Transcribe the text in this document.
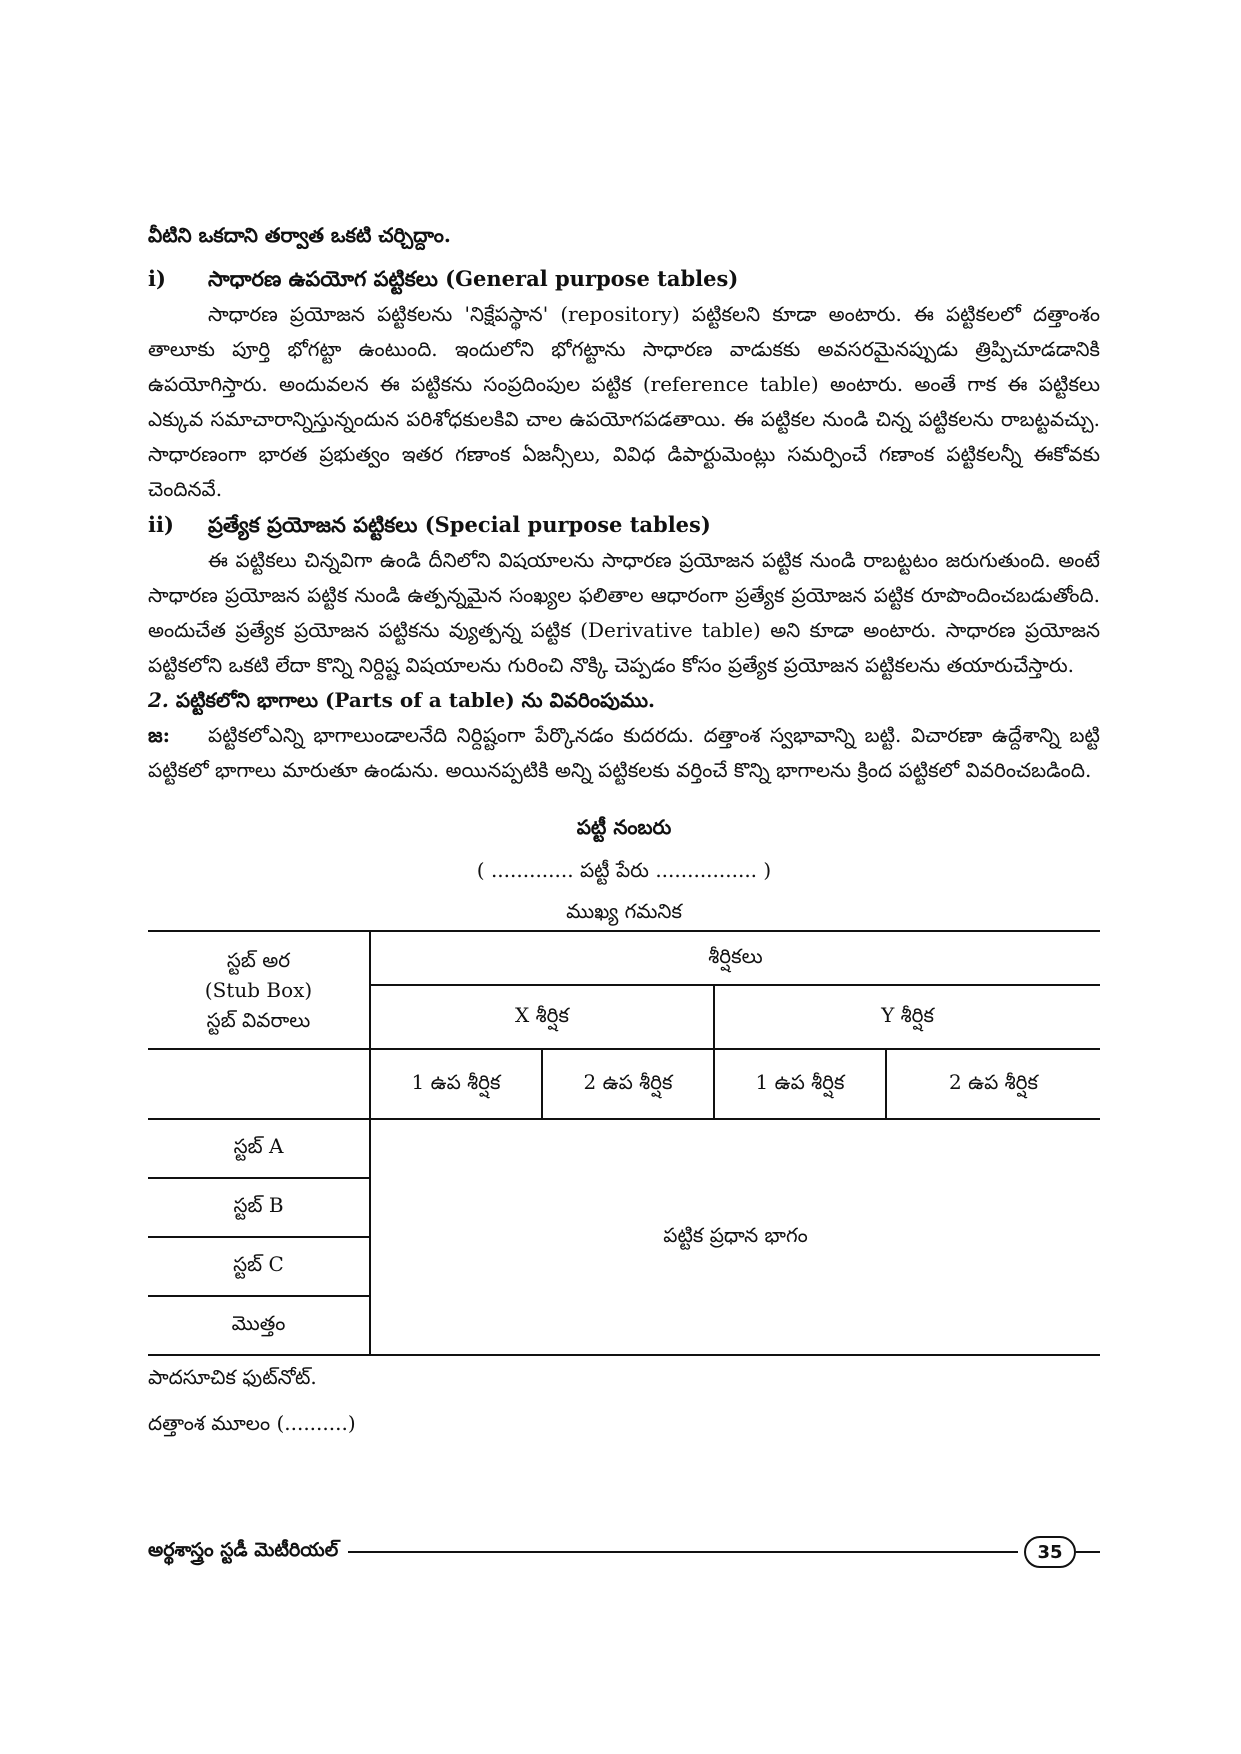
వీటిని ఒకదాని తర్వాత ఒకటి చర్చిద్దాం.

i)	సాధారణ ఉపయోగ పట్టికలు (General purpose tables)

సాధారణ ప్రయోజన పట్టికలను 'నిక్షేపస్థాన' (repository) పట్టికలని కూడా అంటారు. ఈ పట్టికలలో దత్తాంశం తాలూకు పూర్తి భోగట్టా ఉంటుంది. ఇందులోని భోగట్టాను సాధారణ వాడుకకు అవసరమైనప్పుడు త్రిప్పిచూడడానికి ఉపయోగిస్తారు. అందువలన ఈ పట్టికను సంప్రదింపుల పట్టిక (reference table) అంటారు. అంతే గాక ఈ పట్టికలు ఎక్కువ సమాచారాన్నిస్తున్నందున పరిశోధకులకివి చాల ఉపయోగపడతాయి. ఈ పట్టికల నుండి చిన్న పట్టికలను రాబట్టవచ్చు. సాధారణంగా భారత ప్రభుత్వం ఇతర గణాంక ఏజన్సీలు, వివిధ డిపార్టుమెంట్లు సమర్పించే గణాంక పట్టికలన్నీ ఈకోవకు చెందినవే.

ii)	ప్రత్యేక ప్రయోజన పట్టికలు (Special purpose tables)

ఈ పట్టికలు చిన్నవిగా ఉండి దీనిలోని విషయాలను సాధారణ ప్రయోజన పట్టిక నుండి రాబట్టటం జరుగుతుంది. అంటే సాధారణ ప్రయోజన పట్టిక నుండి ఉత్పన్నమైన సంఖ్యల ఫలితాల ఆధారంగా ప్రత్యేక ప్రయోజన పట్టిక రూపొందించబడుతోంది. అందుచేత ప్రత్యేక ప్రయోజన పట్టికను వ్యుత్పన్న పట్టిక (Derivative table) అని కూడా అంటారు. సాధారణ ప్రయోజన పట్టికలోని ఒకటి లేదా కొన్ని నిర్దిష్ట విషయాలను గురించి నొక్కి చెప్పడం కోసం ప్రత్యేక ప్రయోజన పట్టికలను తయారుచేస్తారు.

2. పట్టికలోని భాగాలు (Parts of a table) ను వివరింపుము.

జ: పట్టికలోఎన్ని భాగాలుండాలనేది నిర్దిష్టంగా పేర్కొనడం కుదరదు. దత్తాంశ స్వభావాన్ని బట్టి. విచారణా ఉద్దేశాన్ని బట్టి పట్టికలో భాగాలు మారుతూ ఉండును. అయినప్పటికి అన్ని పట్టికలకు వర్తించే కొన్ని భాగాలను క్రింద పట్టికలో వివరించబడింది.

పట్టీ నంబరు
( ............. పట్టీ పేరు ................ )
ముఖ్య గమనిక
స్టబ్ అర
(Stub Box)
స్టబ్ వివరాలు	శీర్షికలు			
	X శీర్షిక		Y శీర్షిక	
	1 ఉప శీర్షిక	2 ఉప శీర్షిక	1 ఉప శీర్షిక	2 ఉప శీర్షిక
స్టబ్ A	పట్టిక ప్రధాన భాగం			
స్టబ్ B				
స్టబ్ C				
మొత్తం				

పాదసూచిక ఫుట్‌నోట్.

దత్తాంశ మూలం (..........)

అర్థశాస్త్రం స్టడీ మెటీరియల్	35
